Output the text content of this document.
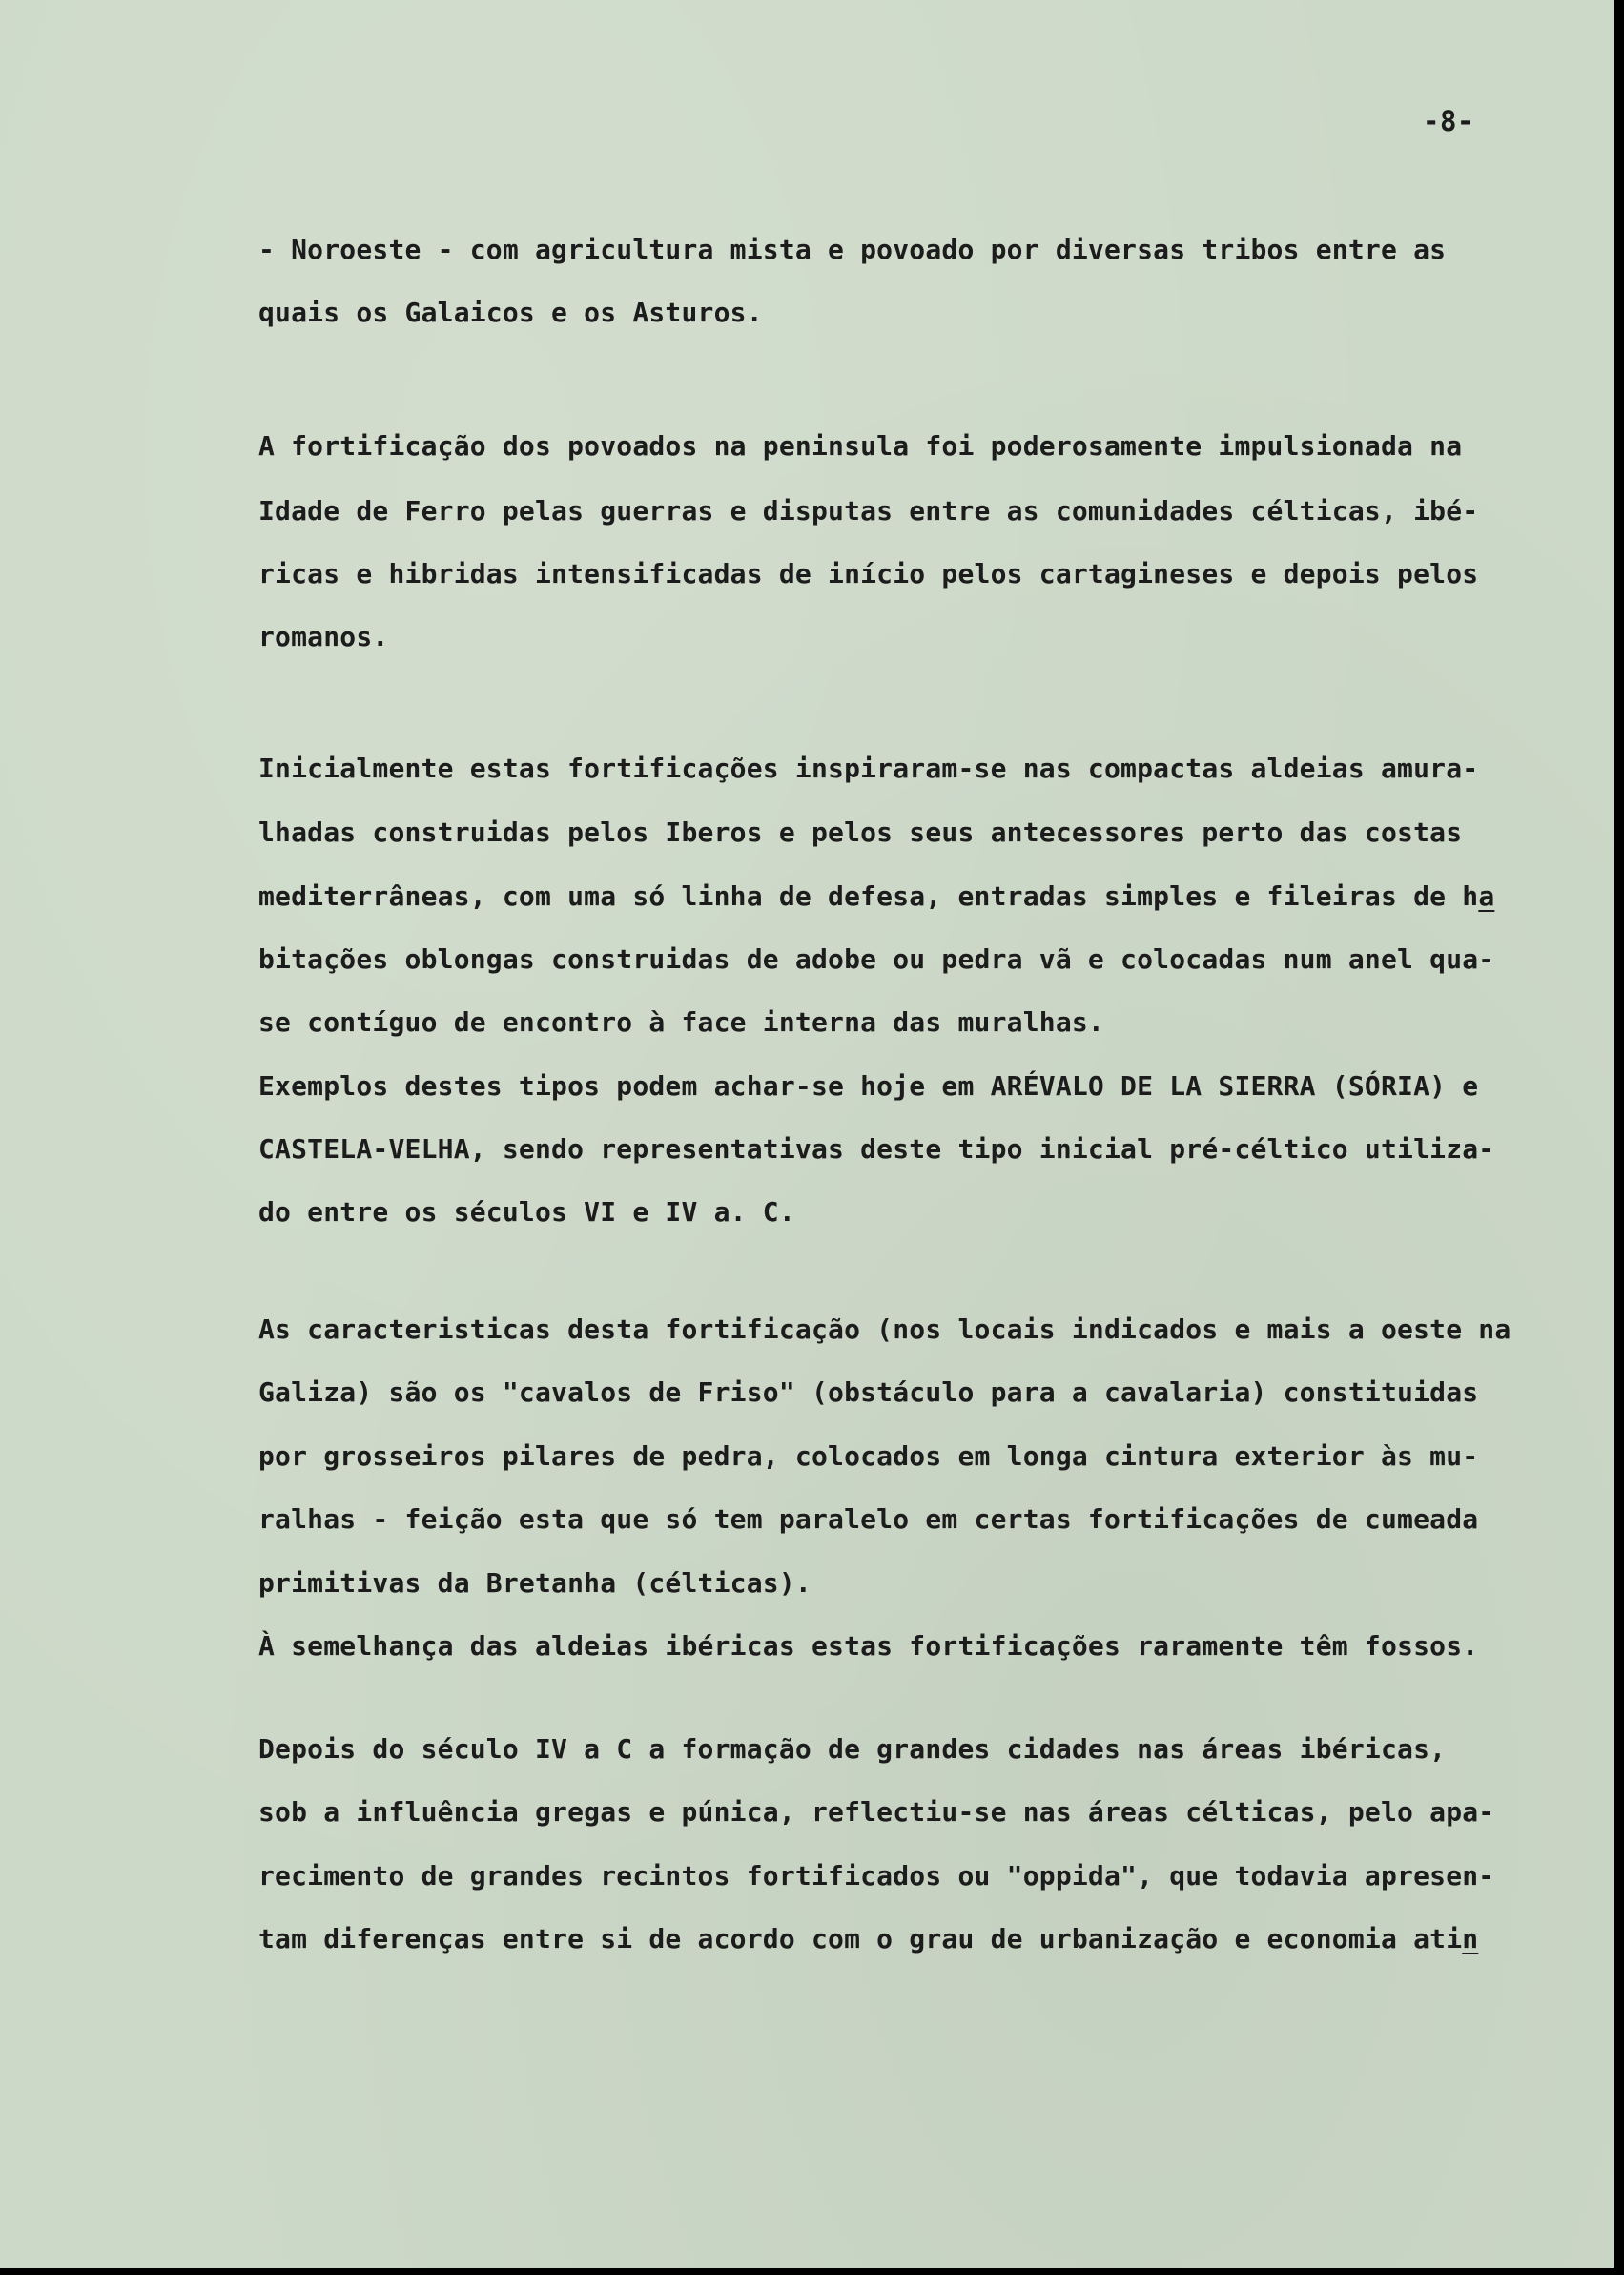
-8-
- Noroeste - com agricultura mista e povoado por diversas tribos entre as
quais os Galaicos e os Asturos.
A fortificação dos povoados na peninsula foi poderosamente impulsionada na
Idade de Ferro pelas guerras e disputas entre as comunidades célticas, ibé-
ricas e hibridas intensificadas de início pelos cartagineses e depois pelos
romanos.
Inicialmente estas fortificações inspiraram-se nas compactas aldeias amura-
lhadas construidas pelos Iberos e pelos seus antecessores perto das costas
mediterrâneas, com uma só linha de defesa, entradas simples e fileiras de ha
bitações oblongas construidas de adobe ou pedra vã e colocadas num anel qua-
se contíguo de encontro à face interna das muralhas.
Exemplos destes tipos podem achar-se hoje em ARÉVALO DE LA SIERRA (SÓRIA) e
CASTELA-VELHA, sendo representativas deste tipo inicial pré-céltico utiliza-
do entre os séculos VI e IV a. C.
As caracteristicas desta fortificação (nos locais indicados e mais a oeste na
Galiza) são os "cavalos de Friso" (obstáculo para a cavalaria) constituidas
por grosseiros pilares de pedra, colocados em longa cintura exterior às mu-
ralhas - feição esta que só tem paralelo em certas fortificações de cumeada
primitivas da Bretanha (célticas).
À semelhança das aldeias ibéricas estas fortificações raramente têm fossos.
Depois do século IV a C a formação de grandes cidades nas áreas ibéricas,
sob a influência gregas e púnica, reflectiu-se nas áreas célticas, pelo apa-
recimento de grandes recintos fortificados ou "oppida", que todavia apresen-
tam diferenças entre si de acordo com o grau de urbanização e economia atin
